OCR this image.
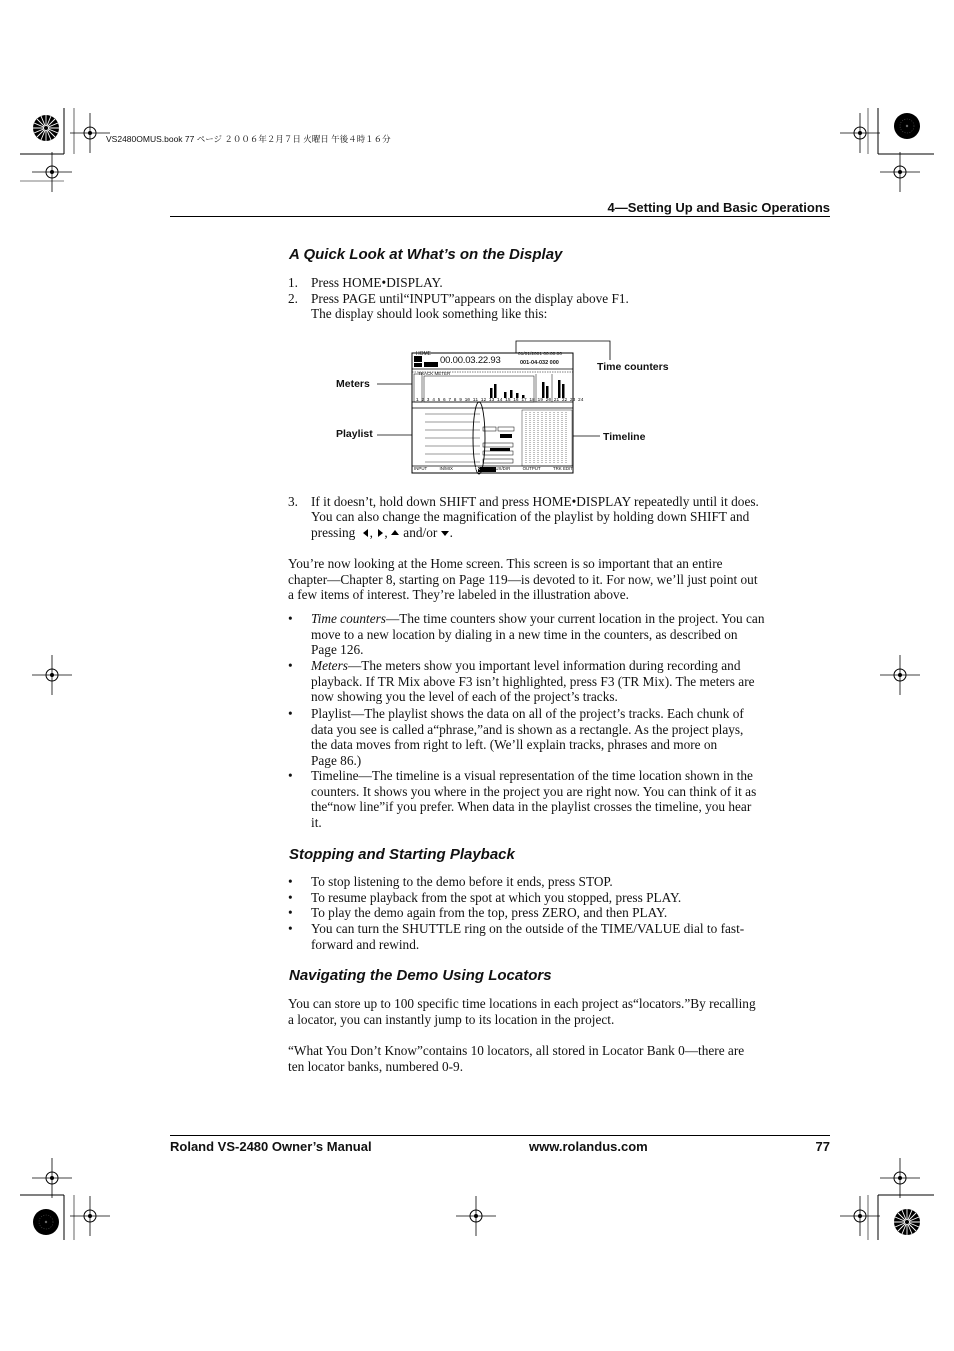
VS2480OMUS.book 77 ページ ２００６年２月７日 火曜日 午後４時１６分
4—Setting Up and Basic Operations
A Quick Look at What’s on the Display
1. Press HOME•DISPLAY.
2. Press PAGE until“INPUT”appears on the display above F1.
The display should look something like this:
1 2 3 4 5 6 7 8 9 10 11 12 13 14 15 16 17 18 19 20 21 22 23 24
HOME
00.00.03.22.93
01/01/2001 00:00:00
001-04-032 000
TRACK METER
INPUT	IN/MIX	TR MIX	AUX/DIR	OUTPUT	TRK EDIT
Meters
Playlist
Time counters
Timeline
3. If it doesn’t, hold down SHIFT and press HOME•DISPLAY repeatedly until it does.
You can also change the magnification of the playlist by holding down SHIFT and
pressing , ,  and/or .
You’re now looking at the Home screen. This screen is so important that an entire
chapter—Chapter 8, starting on Page 119—is devoted to it. For now, we’ll just point out
a few items of interest. They’re labeled in the illustration above.
• Time counters—The time counters show your current location in the project. You can
move to a new location by dialing in a new time in the counters, as described on
Page 126.
• Meters—The meters show you important level information during recording and
playback. If TR Mix above F3 isn’t highlighted, press F3 (TR Mix). The meters are
now showing you the level of each of the project’s tracks.
• Playlist—The playlist shows the data on all of the project’s tracks. Each chunk of
data you see is called a“phrase,”and is shown as a rectangle. As the project plays,
the data moves from right to left. (We’ll explain tracks, phrases and more on
Page 86.)
• Timeline—The timeline is a visual representation of the time location shown in the
counters. It shows you where in the project you are right now. You can think of it as
the“now line”if you prefer. When data in the playlist crosses the timeline, you hear
it.
Stopping and Starting Playback
• To stop listening to the demo before it ends, press STOP.
• To resume playback from the spot at which you stopped, press PLAY.
• To play the demo again from the top, press ZERO, and then PLAY.
• You can turn the SHUTTLE ring on the outside of the TIME/VALUE dial to fast-
forward and rewind.
Navigating the Demo Using Locators
You can store up to 100 specific time locations in each project as“locators.”By recalling
a locator, you can instantly jump to its location in the project.
“What You Don’t Know”contains 10 locators, all stored in Locator Bank 0—there are
ten locator banks, numbered 0-9.
Roland VS-2480 Owner’s Manual	www.rolandus.com	77
